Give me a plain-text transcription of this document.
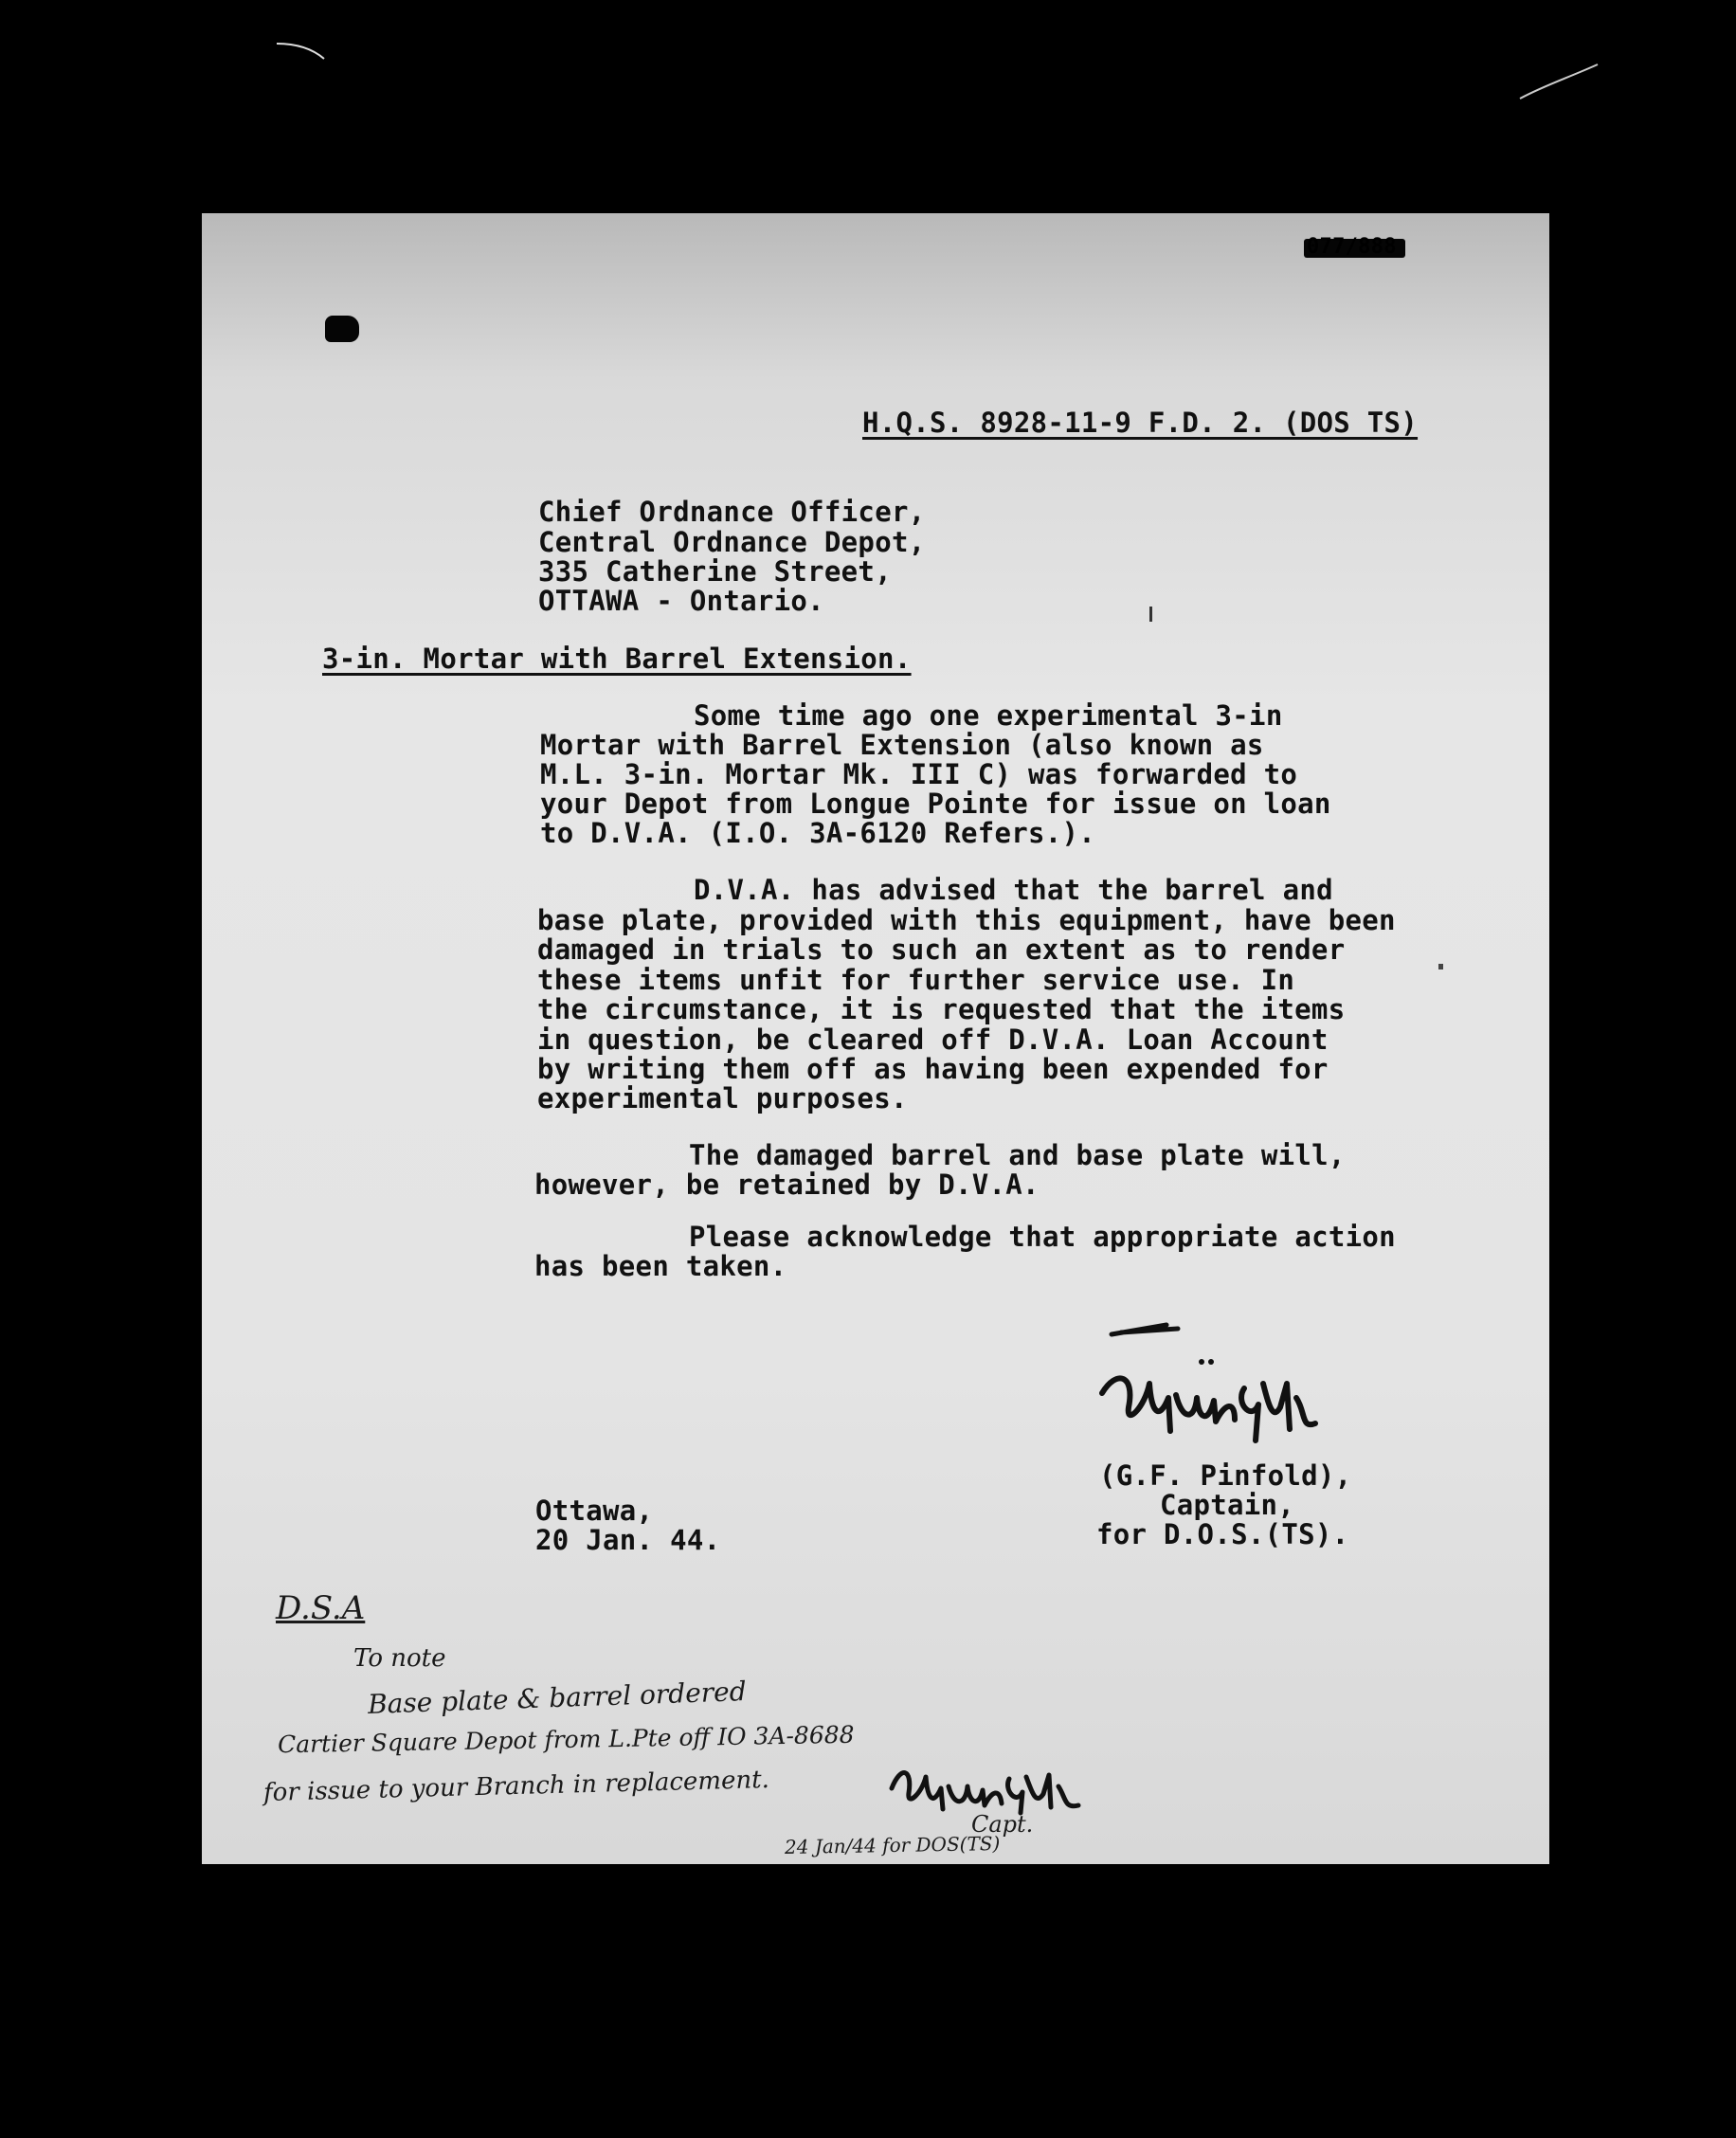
077/888
H.Q.S. 8928-11-9 F.D. 2. (DOS TS)
Chief Ordnance Officer,
Central Ordnance Depot,
335 Catherine Street,
OTTAWA - Ontario.
3-in. Mortar with Barrel Extension.
Some time ago one experimental 3-in
Mortar with Barrel Extension (also known as
M.L. 3-in. Mortar Mk. III C) was forwarded to
your Depot from Longue Pointe for issue on loan
to D.V.A. (I.O. 3A-6120 Refers.).
D.V.A. has advised that the barrel and
base plate, provided with this equipment, have been
damaged in trials to such an extent as to render
these items unfit for further service use. In
the circumstance, it is requested that the items
in question, be cleared off D.V.A. Loan Account
by writing them off as having been expended for
experimental purposes.
The damaged barrel and base plate will,
however, be retained by D.V.A.
Please acknowledge that appropriate action
has been taken.
(G.F. Pinfold),
Captain,
for D.O.S.(TS).
Ottawa,
20 Jan. 44.
D.S.A
To note
Base plate & barrel ordered
Cartier Square Depot from L.Pte off IO 3A-8688
for issue to your Branch in replacement.
Capt.
24 Jan/44 for DOS(TS)
